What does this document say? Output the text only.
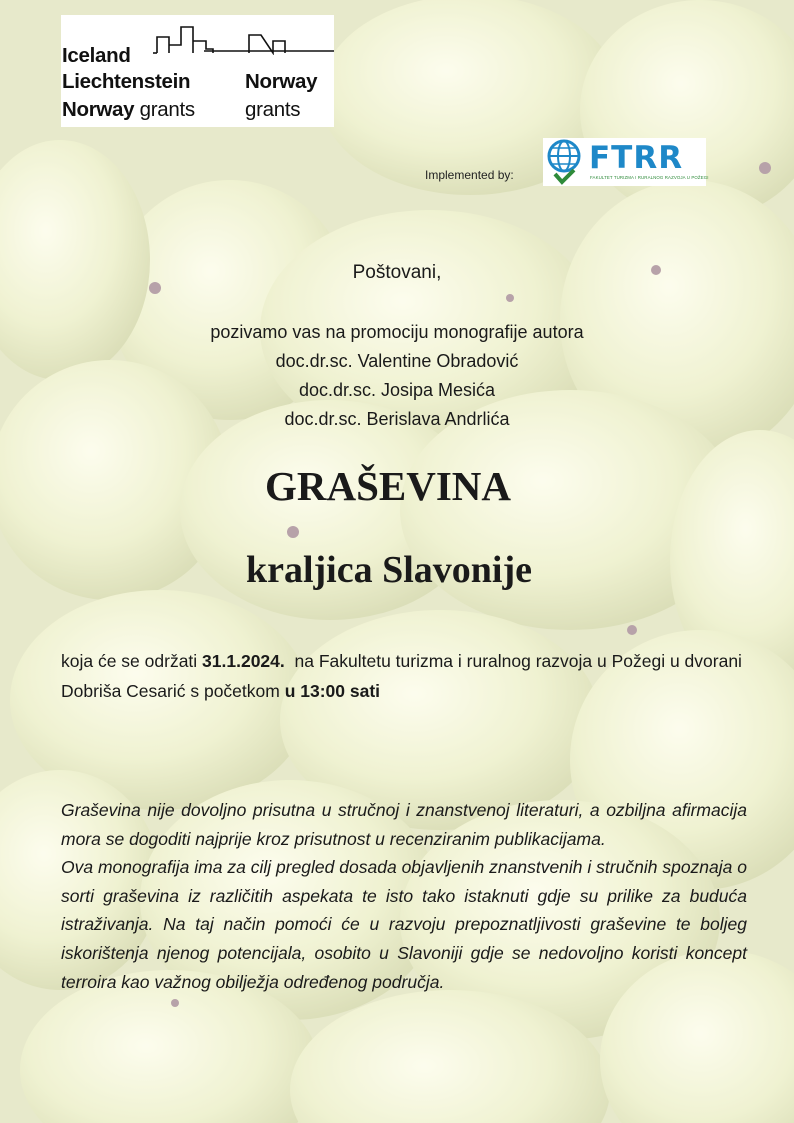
Iceland
Liechtenstein
Norway grants
Norway
grants
Implemented by: FTRR
FAKULTET TURIZMA I RURALNOG RAZVOJA U POŽEGI
Poštovani,
pozivamo vas na promociju monografije autora
doc.dr.sc. Valentine Obradović
doc.dr.sc. Josipa Mesića
doc.dr.sc. Berislava Andrlića
GRAŠEVINA
kraljica Slavonije
koja će se održati 31.1.2024.  na Fakultetu turizma i ruralnog razvoja u Požegi u dvorani Dobriša Cesarić s početkom u 13:00 sati

Graševina nije dovoljno prisutna u stručnoj i znanstvenoj literaturi, a ozbiljna afirmacija mora se dogoditi najprije kroz prisutnost u recenziranim publikacijama.

Ova monografija ima za cilj pregled dosada objavljenih znanstvenih i stručnih spoznaja o sorti graševina iz različitih aspekata te isto tako istaknuti gdje su prilike za buduća istraživanja. Na taj način pomoći će u razvoju prepoznatljivosti graševine te boljeg iskorištenja njenog potencijala, osobito u Slavoniji gdje se nedovoljno koristi koncept terroira kao važnog obilježja određenog područja.
